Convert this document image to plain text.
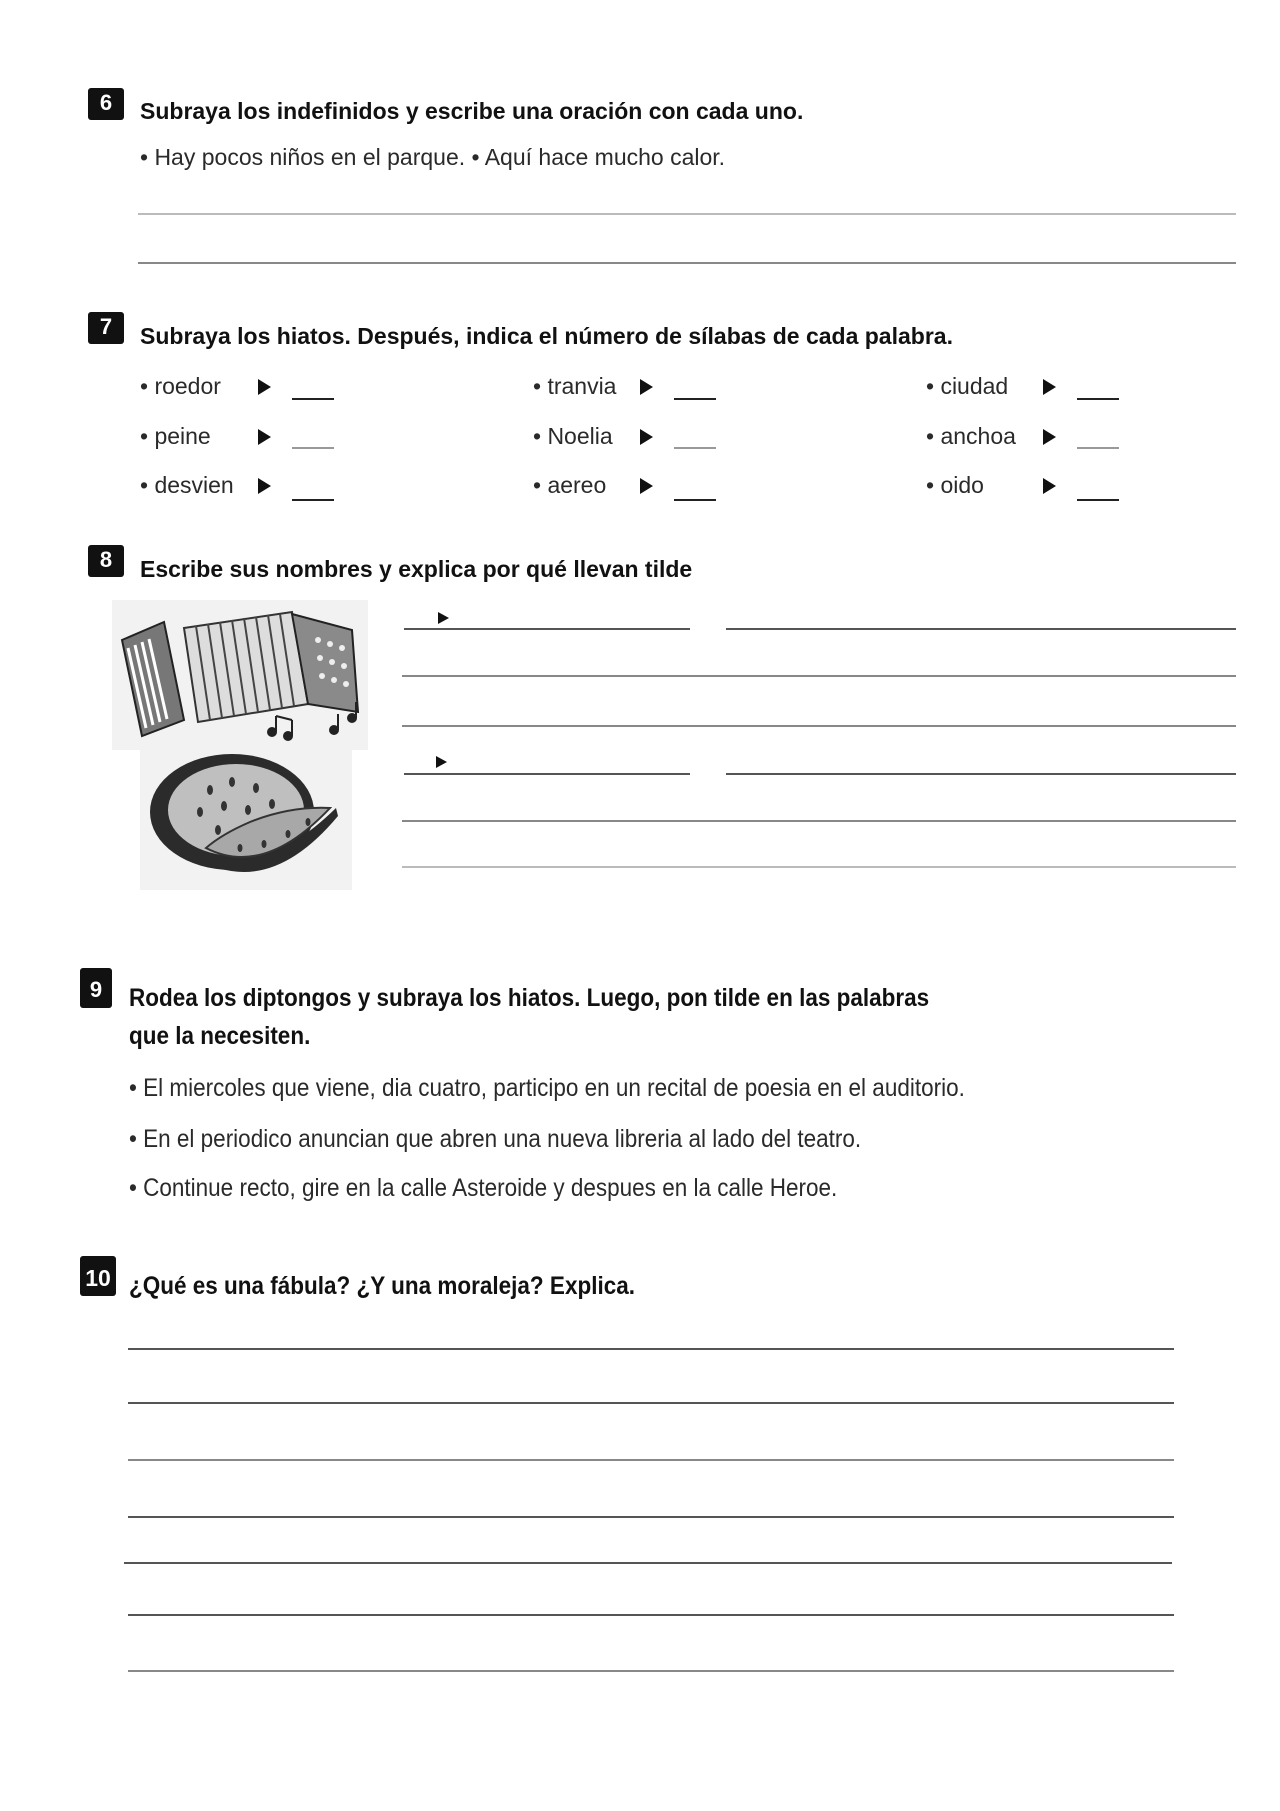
6	Subraya los indefinidos y escribe una oración con cada uno.
• Hay pocos niños en el parque. • Aquí hace mucho calor.
7	Subraya los hiatos. Después, indica el número de sílabas de cada palabra.
• roedor	• tranvia	• ciudad
• peine	• Noelia	• anchoa
• desvien	• aereo	• oido
8	Escribe sus nombres y explica por qué llevan tilde
9	Rodea los diptongos y subraya los hiatos. Luego, pon tilde en las palabras
que la necesiten.
• El miercoles que viene, dia cuatro, participo en un recital de poesia en el auditorio.
• En el periodico anuncian que abren una nueva libreria al lado del teatro.
• Continue recto, gire en la calle Asteroide y despues en la calle Heroe.
10 ¿Qué es una fábula? ¿Y una moraleja? Explica.
